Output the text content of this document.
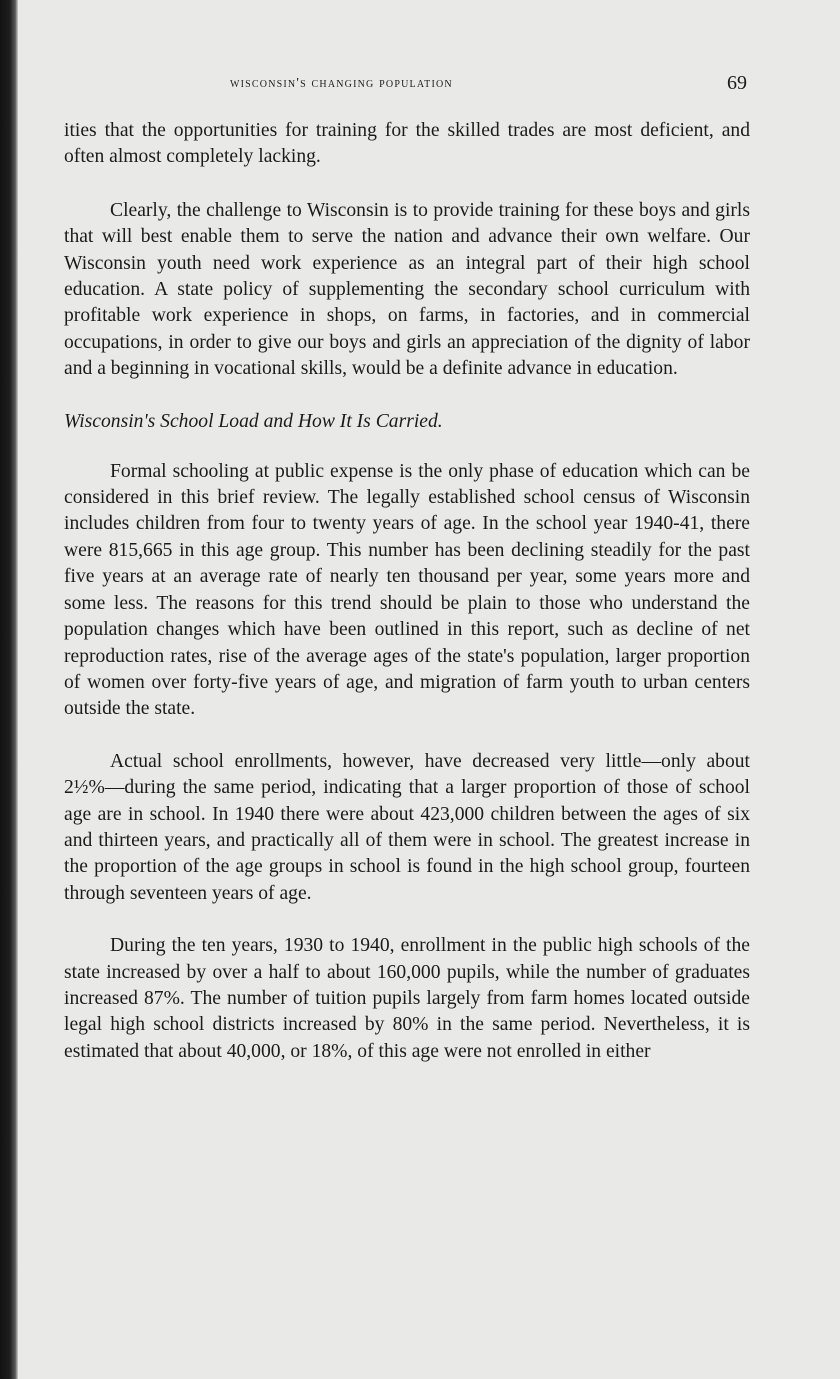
wisconsin's changing population	69

ities that the opportunities for training for the skilled trades are most deficient, and often almost completely lacking.

Clearly, the challenge to Wisconsin is to provide training for these boys and girls that will best enable them to serve the nation and advance their own welfare. Our Wisconsin youth need work experience as an integral part of their high school education. A state policy of supplementing the secondary school curriculum with profitable work experience in shops, on farms, in factories, and in commercial occupations, in order to give our boys and girls an appreciation of the dignity of labor and a beginning in vocational skills, would be a definite advance in education.

Wisconsin's School Load and How It Is Carried.

Formal schooling at public expense is the only phase of education which can be considered in this brief review. The legally established school census of Wisconsin includes children from four to twenty years of age. In the school year 1940-41, there were 815,665 in this age group. This number has been declining steadily for the past five years at an average rate of nearly ten thousand per year, some years more and some less. The reasons for this trend should be plain to those who understand the population changes which have been outlined in this report, such as decline of net reproduction rates, rise of the average ages of the state's population, larger proportion of women over forty-five years of age, and migration of farm youth to urban centers outside the state.

Actual school enrollments, however, have decreased very little—only about 2½%—during the same period, indicating that a larger proportion of those of school age are in school. In 1940 there were about 423,000 children between the ages of six and thirteen years, and practically all of them were in school. The greatest increase in the proportion of the age groups in school is found in the high school group, fourteen through seventeen years of age.

During the ten years, 1930 to 1940, enrollment in the public high schools of the state increased by over a half to about 160,000 pupils, while the number of graduates increased 87%. The number of tuition pupils largely from farm homes located outside legal high school districts increased by 80% in the same period. Nevertheless, it is estimated that about 40,000, or 18%, of this age were not enrolled in either
